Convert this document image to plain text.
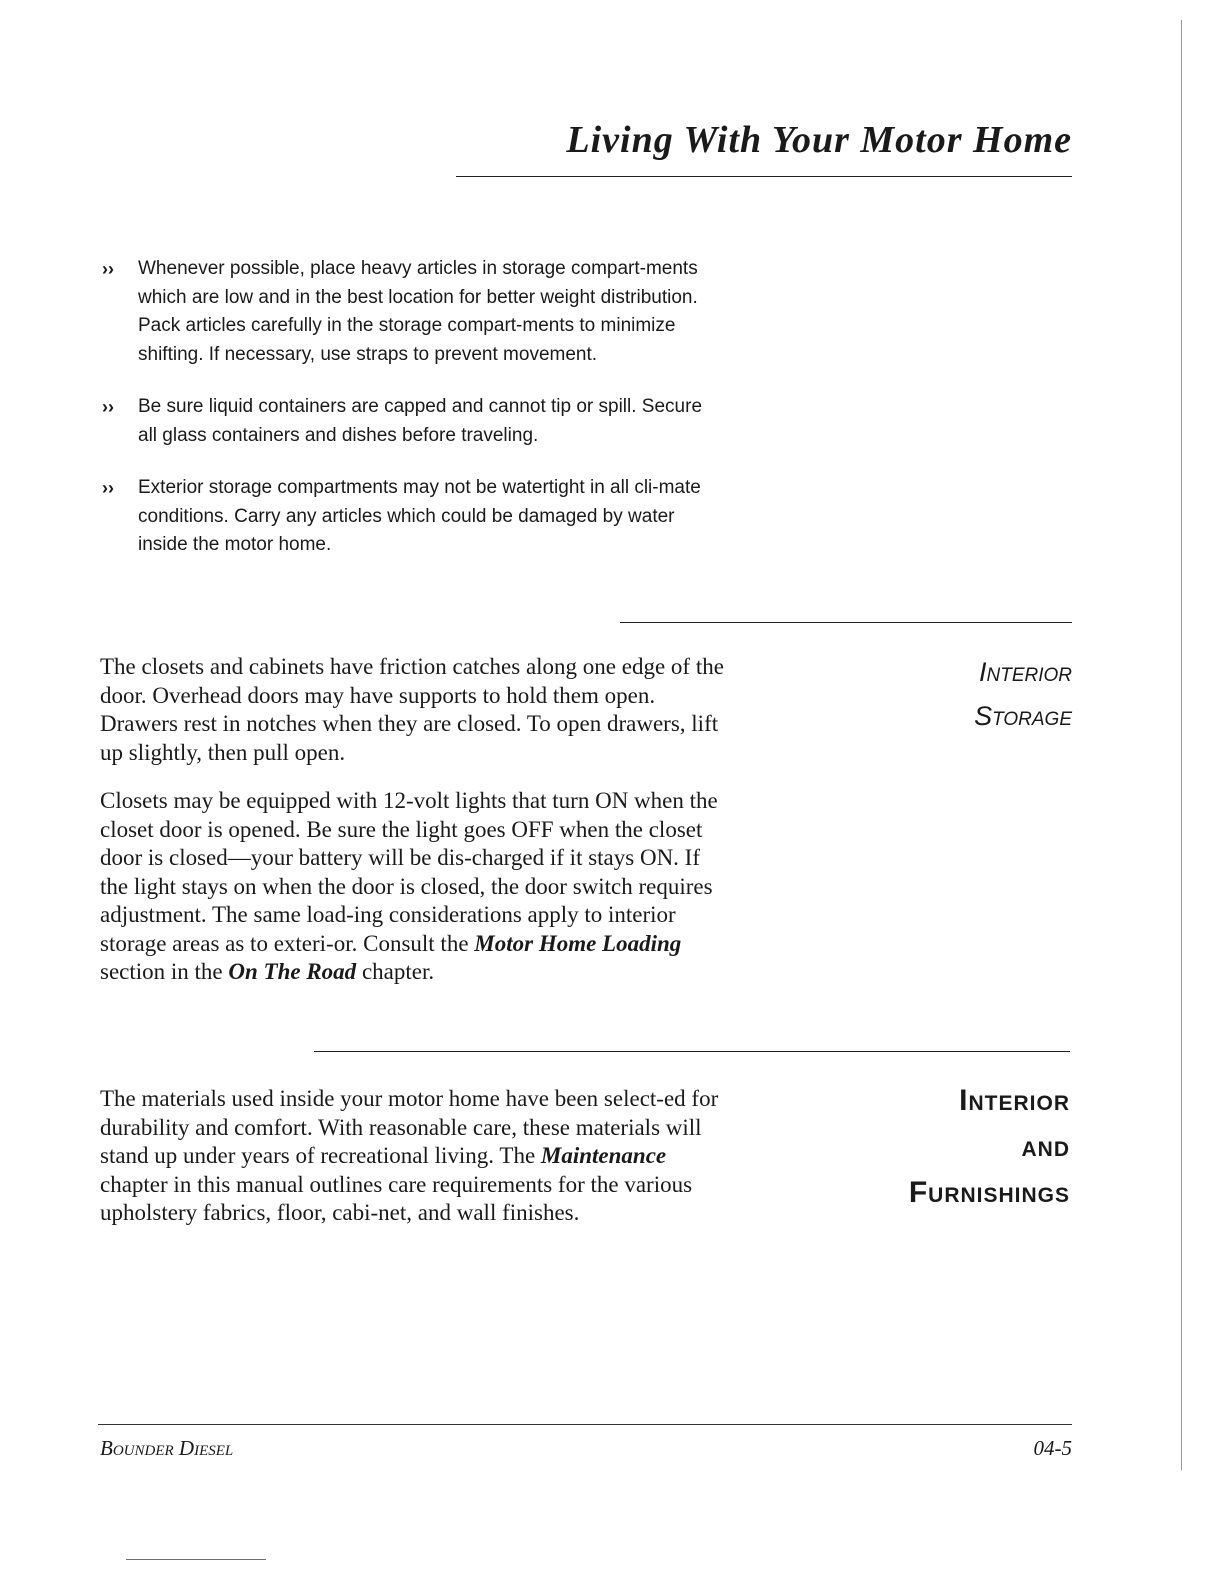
Living With Your Motor Home
›› Whenever possible, place heavy articles in storage compart-ments which are low and in the best location for better weight distribution. Pack articles carefully in the storage compart-ments to minimize shifting. If necessary, use straps to prevent movement.
›› Be sure liquid containers are capped and cannot tip or spill. Secure all glass containers and dishes before traveling.
›› Exterior storage compartments may not be watertight in all cli-mate conditions. Carry any articles which could be damaged by water inside the motor home.

The closets and cabinets have friction catches along one edge of the door. Overhead doors may have supports to hold them open. Drawers rest in notches when they are closed. To open drawers, lift up slightly, then pull open.

Closets may be equipped with 12-volt lights that turn ON when the closet door is opened. Be sure the light goes OFF when the closet door is closed—your battery will be dis-charged if it stays ON. If the light stays on when the door is closed, the door switch requires adjustment. The same load-ing considerations apply to interior storage areas as to exteri-or. Consult the Motor Home Loading section in the On The Road chapter.

Interior
Storage

The materials used inside your motor home have been select-ed for durability and comfort. With reasonable care, these materials will stand up under years of recreational living. The Maintenance chapter in this manual outlines care requirements for the various upholstery fabrics, floor, cabi-net, and wall finishes.

Interior
and
Furnishings
Bounder Diesel	04-5
